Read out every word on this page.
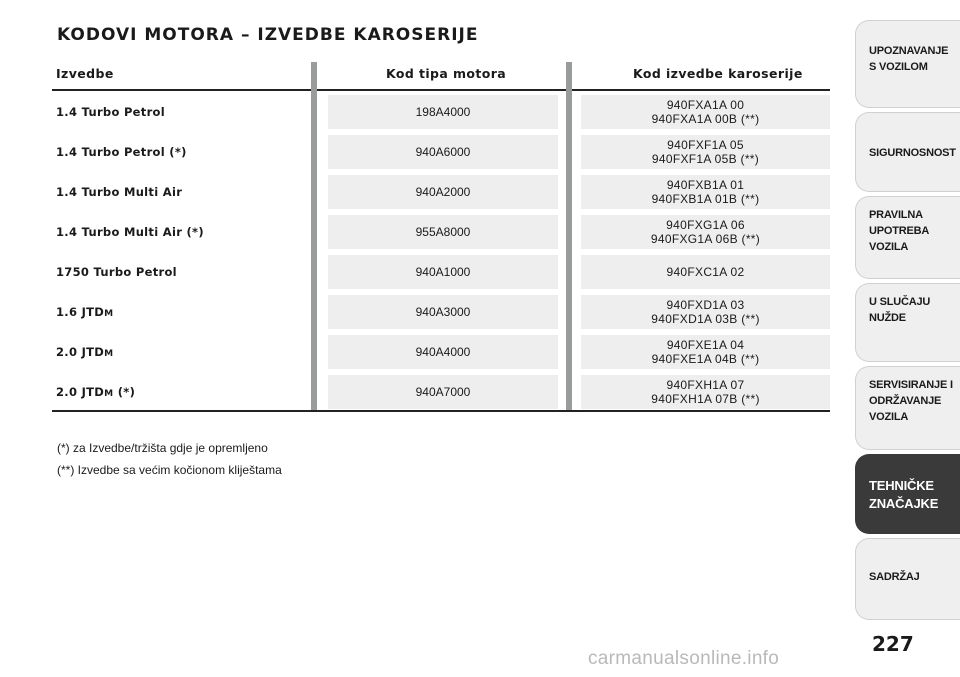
KODOVI MOTORA – IZVEDBE KAROSERIJE
Izvedbe	Kod tipa motora	Kod izvedbe karoserije
1.4 Turbo Petrol	198A4000	940FXA1A 00
940FXA1A 00B (**)
1.4 Turbo Petrol (*)	940A6000	940FXF1A 05
940FXF1A 05B (**)
1.4 Turbo Multi Air	940A2000	940FXB1A 01
940FXB1A 01B (**)
1.4 Turbo Multi Air (*)	955A8000	940FXG1A 06
940FXG1A 06B (**)
1750 Turbo Petrol	940A1000	940FXC1A 02
1.6 JTDM	940A3000	940FXD1A 03
940FXD1A 03B (**)
2.0 JTDM	940A4000	940FXE1A 04
940FXE1A 04B (**)
2.0 JTDM (*)	940A7000	940FXH1A 07
940FXH1A 07B (**)
(*) za Izvedbe/tržišta gdje je opremljeno
(**) Izvedbe sa većim kočionom kliještama
UPOZNAVANJE
S VOZILOM
SIGURNOSNOST
PRAVILNA
UPOTREBA
VOZILA
U SLUČAJU
NUŽDE
SERVISIRANJE I
ODRŽAVANJE
VOZILA
TEHNIČKE
ZNAČAJKE
SADRŽAJ
227
carmanualsonline.info
